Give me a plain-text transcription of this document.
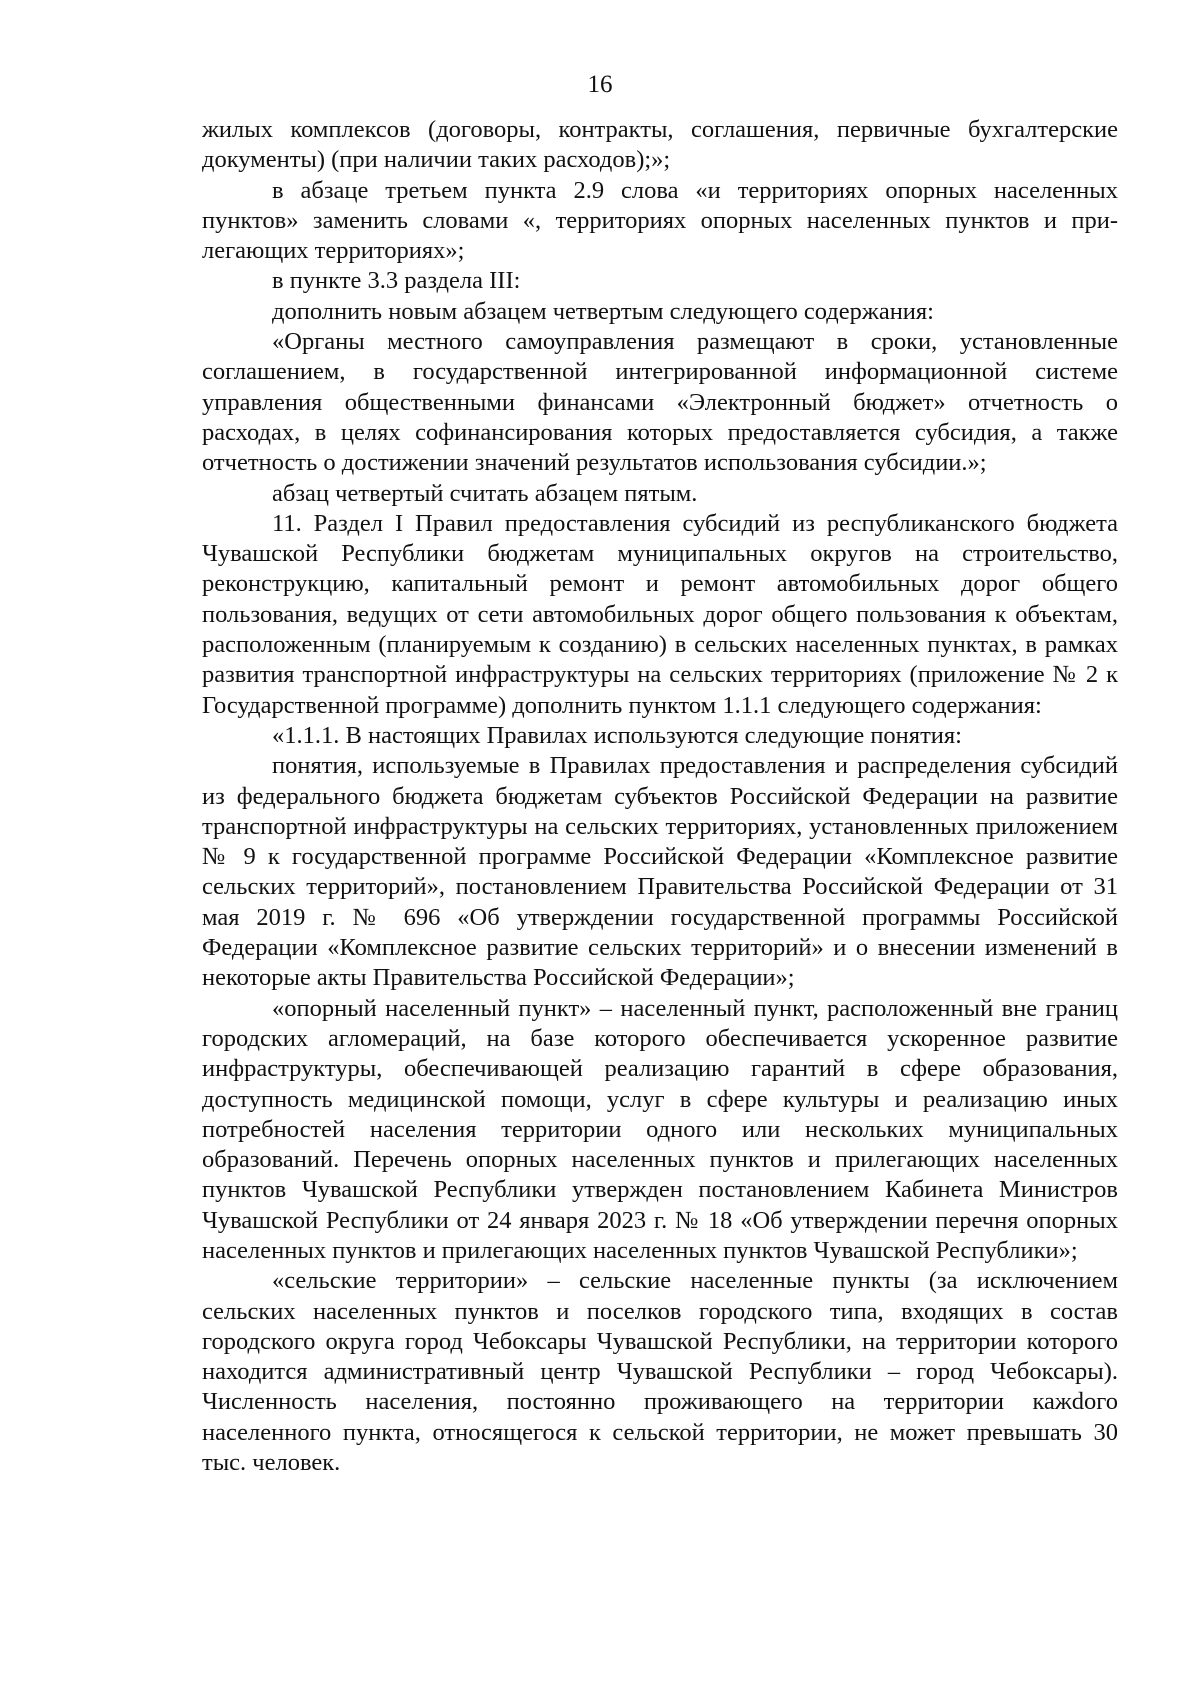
16

жилых комплексов (договоры, контракты, соглашения, первичные бухгалтерские документы) (при наличии таких расходов);»;

в абзаце третьем пункта 2.9 слова «и территориях опорных населенных пунктов» заменить словами «, территориях опорных населенных пунктов и прилегающих территориях»;

в пункте 3.3 раздела III:

дополнить новым абзацем четвертым следующего содержания:

«Органы местного самоуправления размещают в сроки, установленные соглашением, в государственной интегрированной информационной системе управления общественными финансами «Электронный бюджет» отчетность о расходах, в целях софинансирования которых предоставляется субсидия, а также отчетность о достижении значений результатов использования субсидии.»;

абзац четвертый считать абзацем пятым.

11. Раздел I Правил предоставления субсидий из республиканского бюджета Чувашской Республики бюджетам муниципальных округов на строительство, реконструкцию, капитальный ремонт и ремонт автомобильных дорог общего пользования, ведущих от сети автомобильных дорог общего пользования к объектам, расположенным (планируемым к созданию) в сельских населенных пунктах, в рамках развития транспортной инфраструктуры на сельских территориях (приложение № 2 к Государственной программе) дополнить пунктом 1.1.1 следующего содержания:

«1.1.1. В настоящих Правилах используются следующие понятия:

понятия, используемые в Правилах предоставления и распределения субсидий из федерального бюджета бюджетам субъектов Российской Федерации на развитие транспортной инфраструктуры на сельских территориях, установленных приложением № 9 к государственной программе Российской Федерации «Комплексное развитие сельских территорий», постановлением Правительства Российской Федерации от 31 мая 2019 г. № 696 «Об утверждении государственной программы Российской Федерации «Комплексное развитие сельских территорий» и о внесении изменений в некоторые акты Правительства Российской Федерации»;

«опорный населенный пункт» – населенный пункт, расположенный вне границ городских агломераций, на базе которого обеспечивается ускоренное развитие инфраструктуры, обеспечивающей реализацию гарантий в сфере образования, доступность медицинской помощи, услуг в сфере культуры и реализацию иных потребностей населения территории одного или нескольких муниципальных образований. Перечень опорных населенных пунктов и прилегающих населенных пунктов Чувашской Республики утвержден постановлением Кабинета Министров Чувашской Республики от 24 января 2023 г. № 18 «Об утверждении перечня опорных населенных пунктов и прилегающих населенных пунктов Чувашской Республики»;

«сельские территории» – сельские населенные пункты (за исключением сельских населенных пунктов и поселков городского типа, входящих в состав городского округа город Чебоксары Чувашской Республики, на территории которого находится административный центр Чувашской Республики – город Чебоксары). Численность населения, постоянно проживающего на территории кажdого населенного пункта, относящегося к сельской территории, не может превышать 30 тыс. человек.
